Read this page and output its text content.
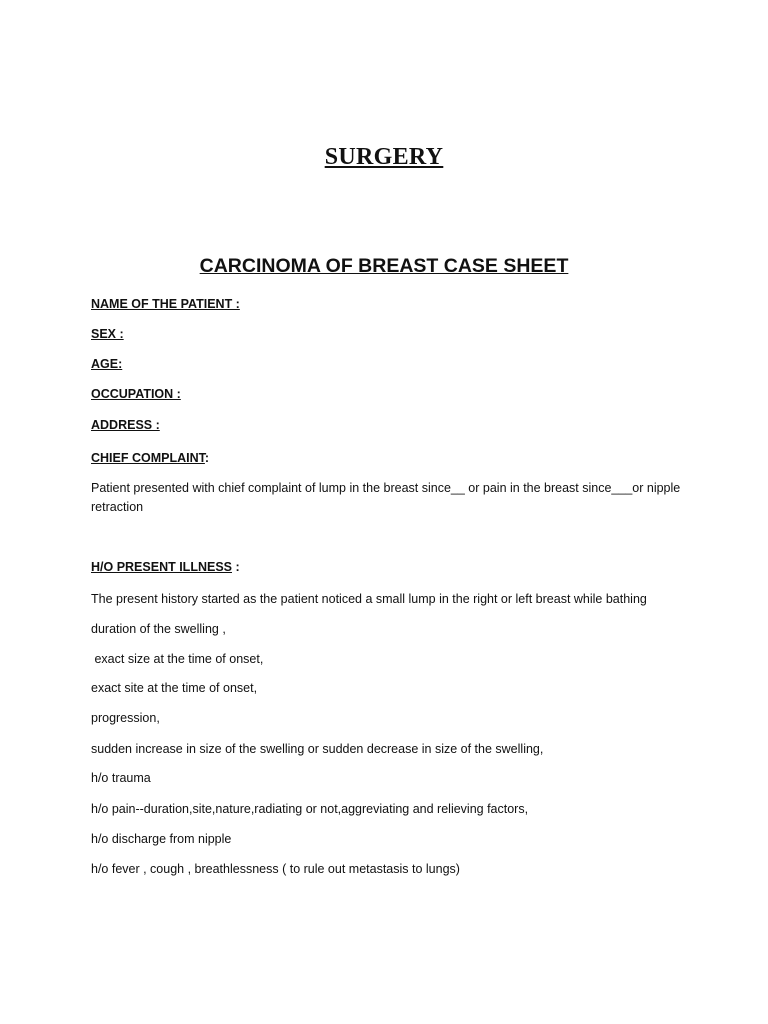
SURGERY
CARCINOMA OF BREAST CASE SHEET
NAME OF THE PATIENT :
SEX :
AGE:
OCCUPATION :
ADDRESS :
CHIEF COMPLAINT:
Patient presented with chief complaint of lump in the breast since__ or pain in the breast since___or nipple retraction
H/O PRESENT ILLNESS :
The present history started as the patient noticed a small lump in the right or left breast while bathing
duration of the swelling ,
exact size at the time of onset,
exact site at the time of onset,
progression,
sudden increase in size of the swelling or sudden decrease in size of the swelling,
h/o trauma
h/o pain--duration,site,nature,radiating or not,aggreviating and relieving factors,
h/o discharge from nipple
h/o fever , cough , breathlessness ( to rule out metastasis to lungs)
